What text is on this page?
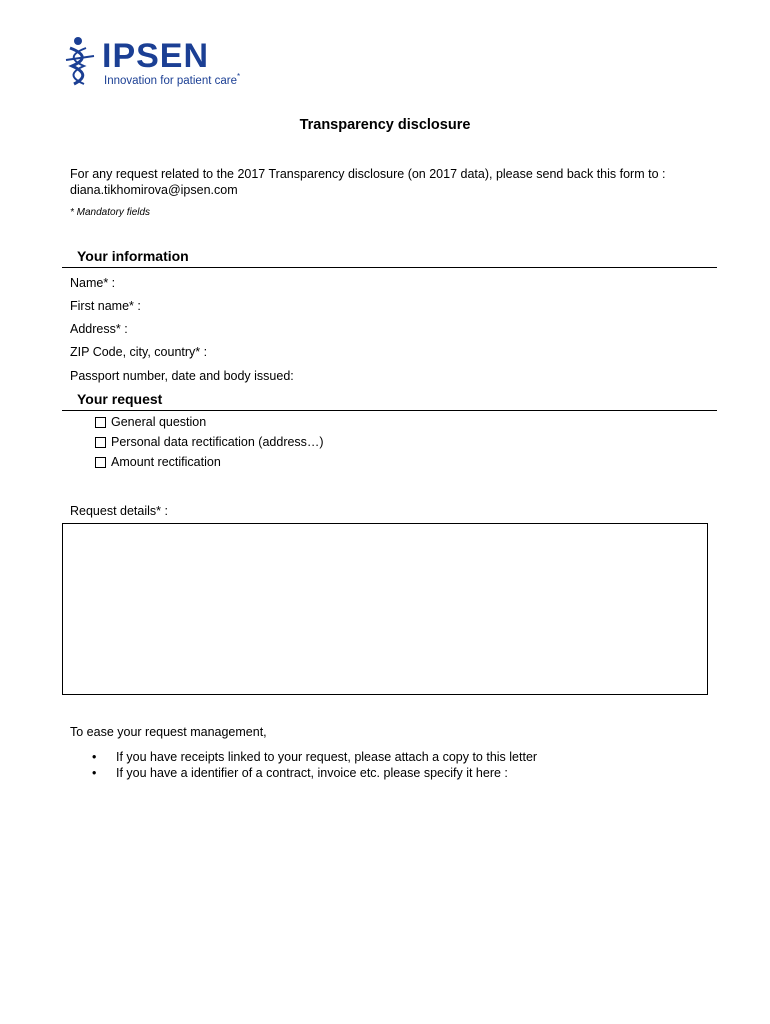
IPSEN
Innovation for patient care*
Transparency disclosure
For any request related to the 2017 Transparency disclosure (on 2017 data), please send back this form to :
diana.tikhomirova@ipsen.com
* Mandatory fields
Your information
Name* :
First name* :
Address* :
ZIP Code, city, country* :
Passport number, date and body issued:
Your request
General question
Personal data rectification (address…)
Amount rectification
Request details* :
To ease your request management,
•	If you have receipts linked to your request, please attach a copy to this letter
•	If you have a identifier of a contract, invoice etc. please specify it here :
